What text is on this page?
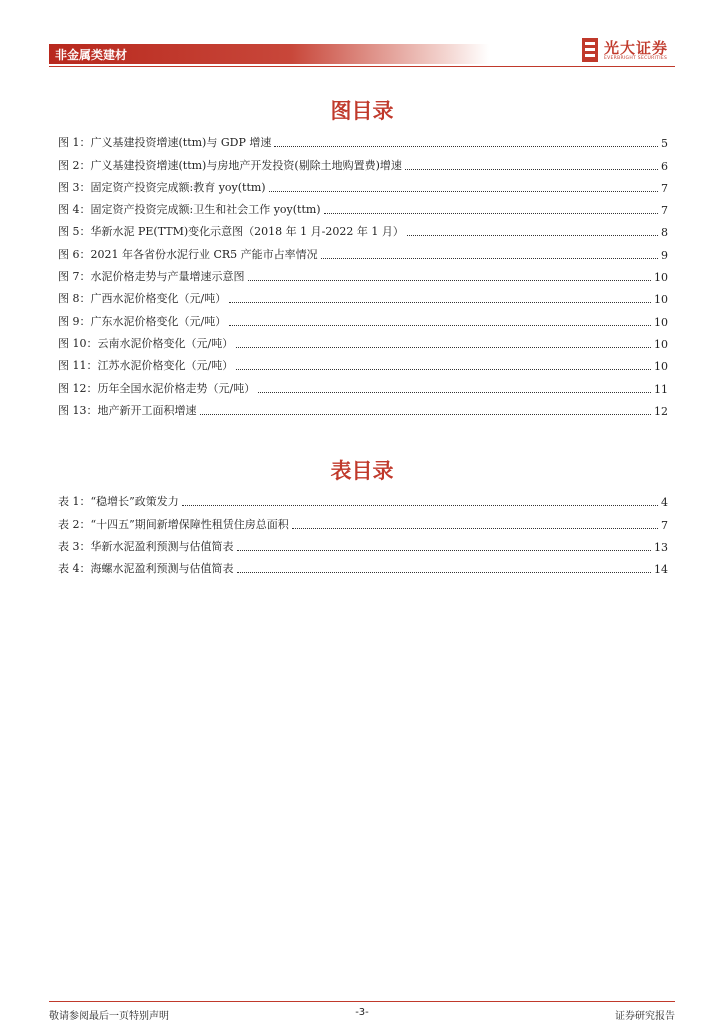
非金属类建材	光大证券
EVERBRIGHT SECURITIES
图目录
图 1：广义基建投资增速(ttm)与 GDP 增速	5
图 2：广义基建投资增速(ttm)与房地产开发投资(剔除土地购置费)增速	6
图 3：固定资产投资完成额:教育 yoy(ttm)	7
图 4：固定资产投资完成额:卫生和社会工作 yoy(ttm)	7
图 5：华新水泥 PE(TTM)变化示意图（2018 年 1 月-2022 年 1 月）	8
图 6：2021 年各省份水泥行业 CR5 产能市占率情况	9
图 7：水泥价格走势与产量增速示意图	10
图 8：广西水泥价格变化（元/吨）	10
图 9：广东水泥价格变化（元/吨）	10
图 10：云南水泥价格变化（元/吨）	10
图 11：江苏水泥价格变化（元/吨）	10
图 12：历年全国水泥价格走势（元/吨）	11
图 13：地产新开工面积增速	12
表目录
表 1：“稳增长”政策发力	4
表 2：“十四五”期间新增保障性租赁住房总面积	7
表 3：华新水泥盈利预测与估值简表	13
表 4：海螺水泥盈利预测与估值简表	14
敬请参阅最后一页特别声明	-3-	证券研究报告
